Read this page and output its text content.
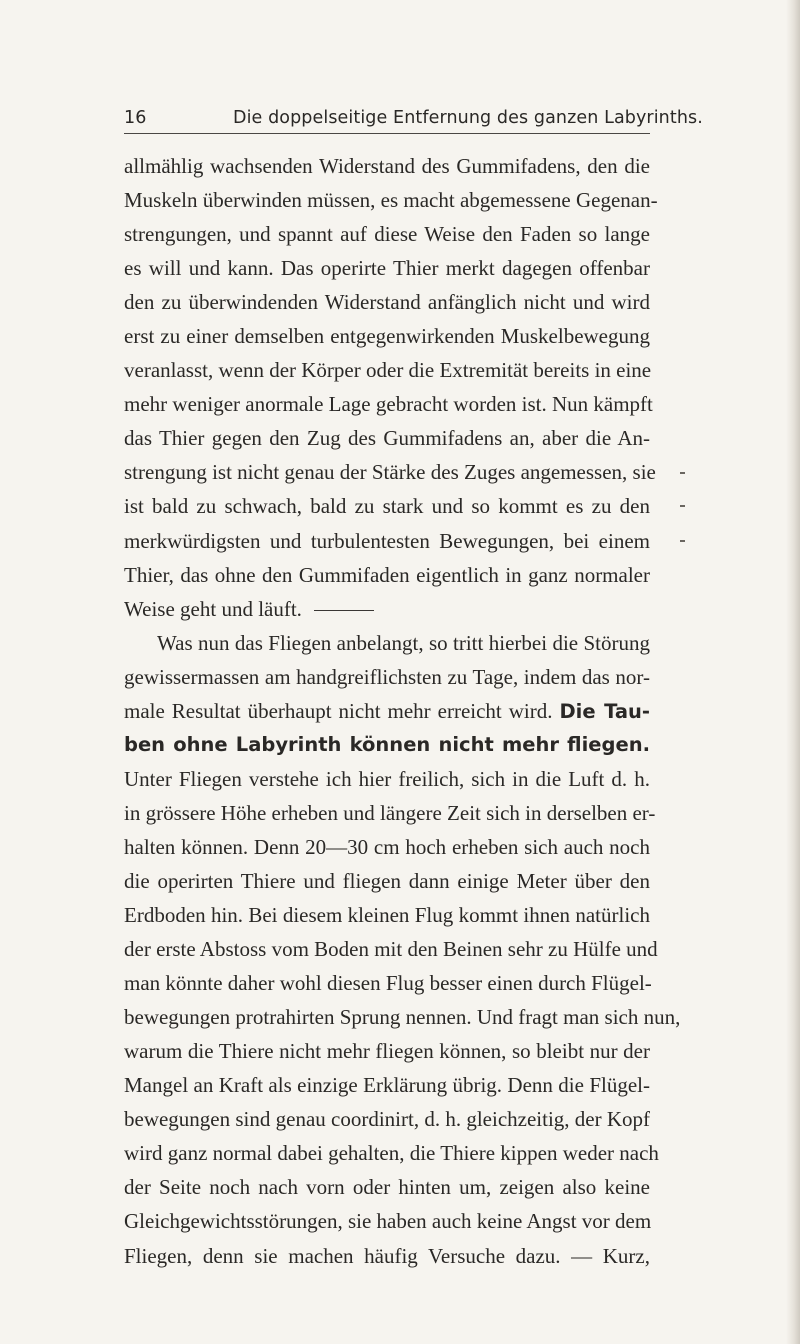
16	Die doppelseitige Entfernung des ganzen Labyrinths.
allmählig wachsenden Widerstand des Gummifadens, den die
Muskeln überwinden müssen, es macht abgemessene Gegenan-
strengungen, und spannt auf diese Weise den Faden so lange
es will und kann. Das operirte Thier merkt dagegen offenbar
den zu überwindenden Widerstand anfänglich nicht und wird
erst zu einer demselben entgegenwirkenden Muskelbewegung
veranlasst, wenn der Körper oder die Extremität bereits in eine
mehr weniger anormale Lage gebracht worden ist. Nun kämpft
das Thier gegen den Zug des Gummifadens an, aber die An-
strengung ist nicht genau der Stärke des Zuges angemessen, sie
ist bald zu schwach, bald zu stark und so kommt es zu den
merkwürdigsten und turbulentesten Bewegungen, bei einem
Thier, das ohne den Gummifaden eigentlich in ganz normaler
Weise geht und läuft.
Was nun das Fliegen anbelangt, so tritt hierbei die Störung
gewissermassen am handgreiflichsten zu Tage, indem das nor-
male Resultat überhaupt nicht mehr erreicht wird. Die Tau-
ben ohne Labyrinth können nicht mehr fliegen.
Unter Fliegen verstehe ich hier freilich, sich in die Luft d. h.
in grössere Höhe erheben und längere Zeit sich in derselben er-
halten können. Denn 20—30 cm hoch erheben sich auch noch
die operirten Thiere und fliegen dann einige Meter über den
Erdboden hin. Bei diesem kleinen Flug kommt ihnen natürlich
der erste Abstoss vom Boden mit den Beinen sehr zu Hülfe und
man könnte daher wohl diesen Flug besser einen durch Flügel-
bewegungen protrahirten Sprung nennen. Und fragt man sich nun,
warum die Thiere nicht mehr fliegen können, so bleibt nur der
Mangel an Kraft als einzige Erklärung übrig. Denn die Flügel-
bewegungen sind genau coordinirt, d. h. gleichzeitig, der Kopf
wird ganz normal dabei gehalten, die Thiere kippen weder nach
der Seite noch nach vorn oder hinten um, zeigen also keine
Gleichgewichtsstörungen, sie haben auch keine Angst vor dem
Fliegen, denn sie machen häufig Versuche dazu. — Kurz,
